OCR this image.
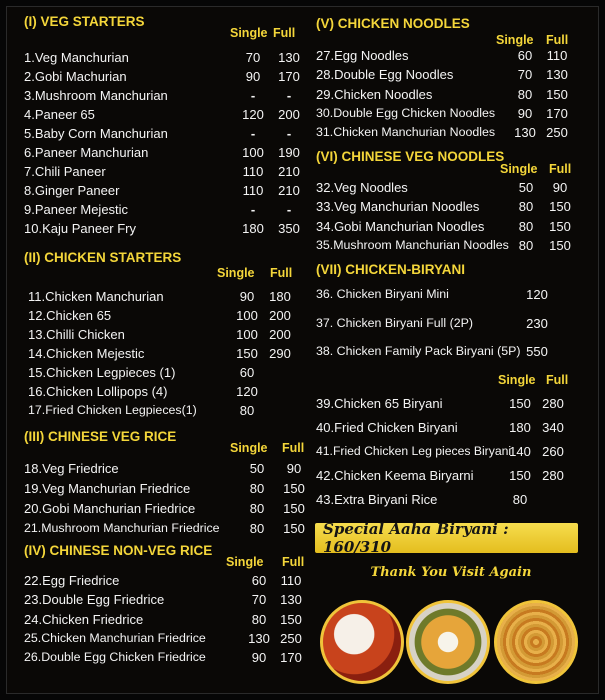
(I) VEG STARTERS
Single Full
1.Veg Manchurian	70	130
2.Gobi Machurian	90	170
3.Mushroom Manchurian	-	-
4.Paneer 65	120	200
5.Baby Corn Manchurian	-	-
6.Paneer Manchurian	100	190
7.Chili Paneer	110	210
8.Ginger Paneer	110	210
9.Paneer Mejestic	-	-
10.Kaju Paneer Fry	180	350
(II) CHICKEN STARTERS
Single Full
11.Chicken Manchurian	90	180
12.Chicken 65	100 200
13.Chilli Chicken	100 200
14.Chicken Mejestic	150 290
15.Chicken Legpieces (1)	60
16.Chicken Lollipops (4)	120
17.Fried Chicken Legpieces(1)	80
(III) CHINESE VEG RICE
Single Full
18.Veg Friedrice	50	90
19.Veg Manchurian Friedrice	80	150
20.Gobi Manchurian Friedrice	80	150
21.Mushroom Manchurian Friedrice	80	150
(IV) CHINESE NON-VEG RICE
Single Full
22.Egg Friedrice	60	110
23.Double Egg Friedrice	70	130
24.Chicken Friedrice	80	150
25.Chicken Manchurian Friedrice	130 250
26.Double Egg Chicken Friedrice	90	170
(V) CHICKEN NOODLES
Single Full
27.Egg Noodles	60	110
28.Double Egg Noodles	70	130
29.Chicken Noodles	80	150
30.Double Egg Chicken Noodles	90	170
31.Chicken Manchurian Noodles	130 250
(VI) CHINESE VEG NOODLES
Single Full
32.Veg Noodles	50	90
33.Veg Manchurian Noodles	80	150
34.Gobi Manchurian Noodles	80	150
35.Mushroom Manchurian Noodles 80	150
(VII) CHICKEN-BIRYANI
36. Chicken Biryani Mini	120
37. Chicken Biryani Full (2P)	230
38. Chicken Family Pack Biryani (5P) 550
Single Full
39.Chicken 65 Biryani	150 280
40.Fried Chicken Biryani	180 340
41.Fried Chicken Leg pieces Biryani
140 260
42.Chicken Keema Biryarni	150 280
43.Extra Biryani Rice	80
Special Aaha Biryani : 160/310
Thank You Visit Again
